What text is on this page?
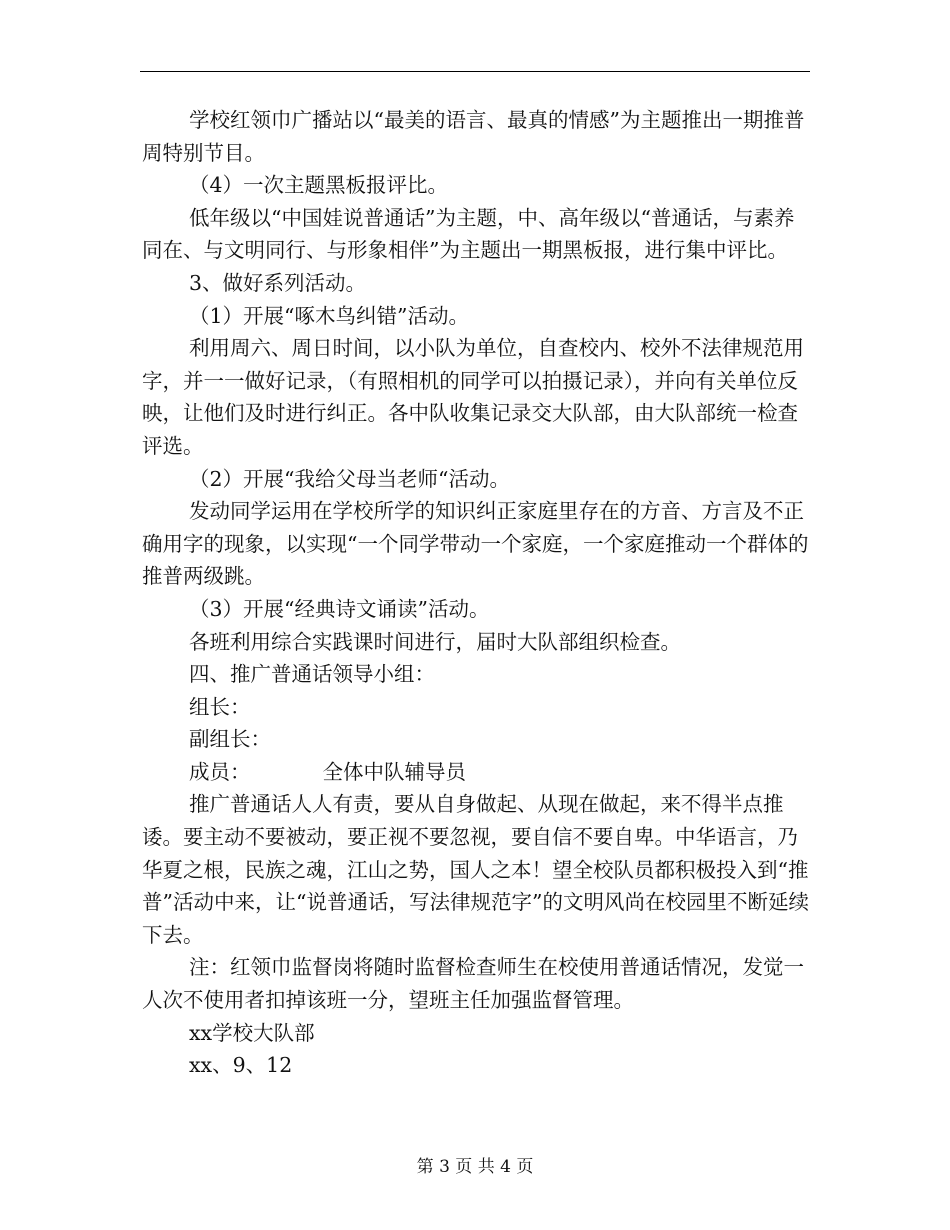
学校红领巾广播站以“最美的语言、最真的情感”为主题推出一期推普周特别节目。

（4）一次主题黑板报评比。

低年级以“中国娃说普通话”为主题，中、高年级以“普通话，与素养同在、与文明同行、与形象相伴”为主题出一期黑板报，进行集中评比。

3、做好系列活动。

（1）开展“啄木鸟纠错”活动。

利用周六、周日时间，以小队为单位，自查校内、校外不法律规范用字，并一一做好记录，（有照相机的同学可以拍摄记录），并向有关单位反映，让他们及时进行纠正。各中队收集记录交大队部，由大队部统一检查评选。

（2）开展“我给父母当老师“活动。

发动同学运用在学校所学的知识纠正家庭里存在的方音、方言及不正确用字的现象，以实现“一个同学带动一个家庭，一个家庭推动一个群体的推普两级跳。

（3）开展“经典诗文诵读”活动。

各班利用综合实践课时间进行，届时大队部组织检查。

四、推广普通话领导小组：

组长：

副组长：

成员：	全体中队辅导员

推广普通话人人有责，要从自身做起、从现在做起，来不得半点推诿。要主动不要被动，要正视不要忽视，要自信不要自卑。中华语言，乃华夏之根，民族之魂，江山之势，国人之本！望全校队员都积极投入到“推普”活动中来，让“说普通话，写法律规范字”的文明风尚在校园里不断延续下去。

注：红领巾监督岗将随时监督检查师生在校使用普通话情况，发觉一人次不使用者扣掉该班一分，望班主任加强监督管理。

xx学校大队部

xx、9、12

第 3 页 共 4 页
